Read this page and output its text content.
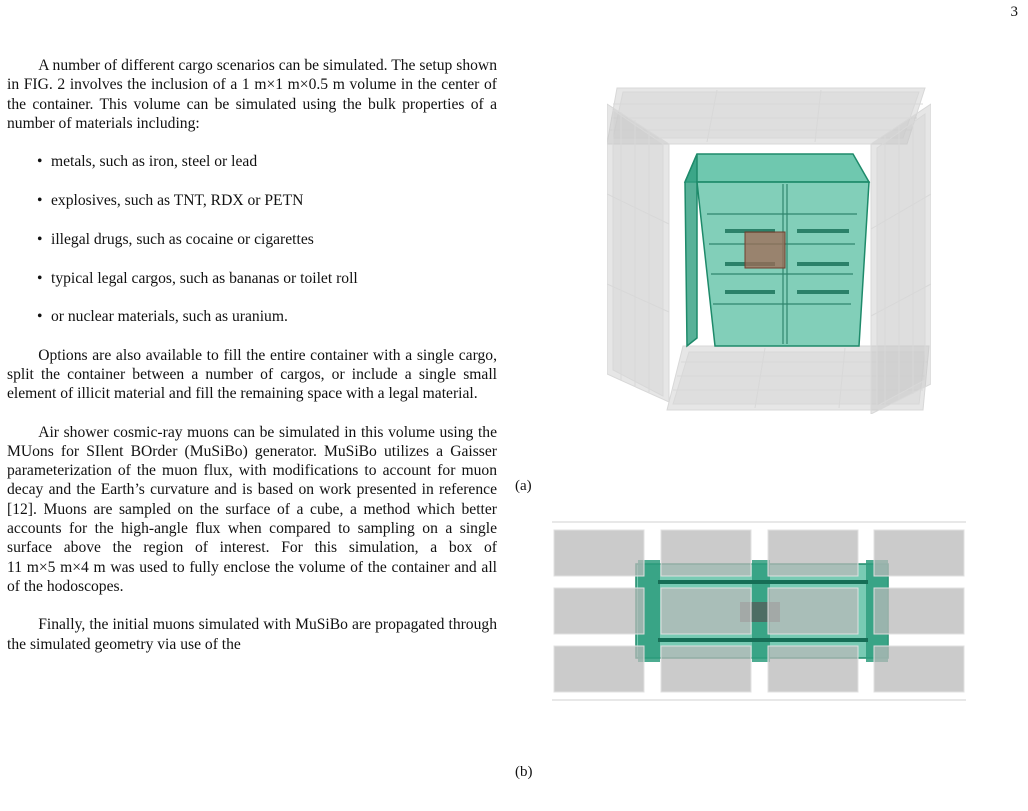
3

A number of different cargo scenarios can be simulated. The setup shown in FIG. 2 involves the inclusion of a 1 m×1 m×0.5 m volume in the center of the container. This volume can be simulated using the bulk properties of a number of materials including:

• metals, such as iron, steel or lead
• explosives, such as TNT, RDX or PETN
• illegal drugs, such as cocaine or cigarettes
• typical legal cargos, such as bananas or toilet roll
• or nuclear materials, such as uranium.

Options are also available to fill the entire container with a single cargo, split the container between a number of cargos, or include a single small element of illicit material and fill the remaining space with a legal material.

Air shower cosmic-ray muons can be simulated in this volume using the MUons for SIlent BOrder (MuSiBo) generator. MuSiBo utilizes a Gaisser parameterization of the muon flux, with modifications to account for muon decay and the Earth’s curvature and is based on work presented in reference [12]. Muons are sampled on the surface of a cube, a method which better accounts for the high-angle flux when compared to sampling on a single surface above the region of interest. For this simulation, a box of 11 m×5 m×4 m was used to fully enclose the volume of the container and all of the hodoscopes.

Finally, the initial muons simulated with MuSiBo are propagated through the simulated geometry via use of the

(a)
(b)
